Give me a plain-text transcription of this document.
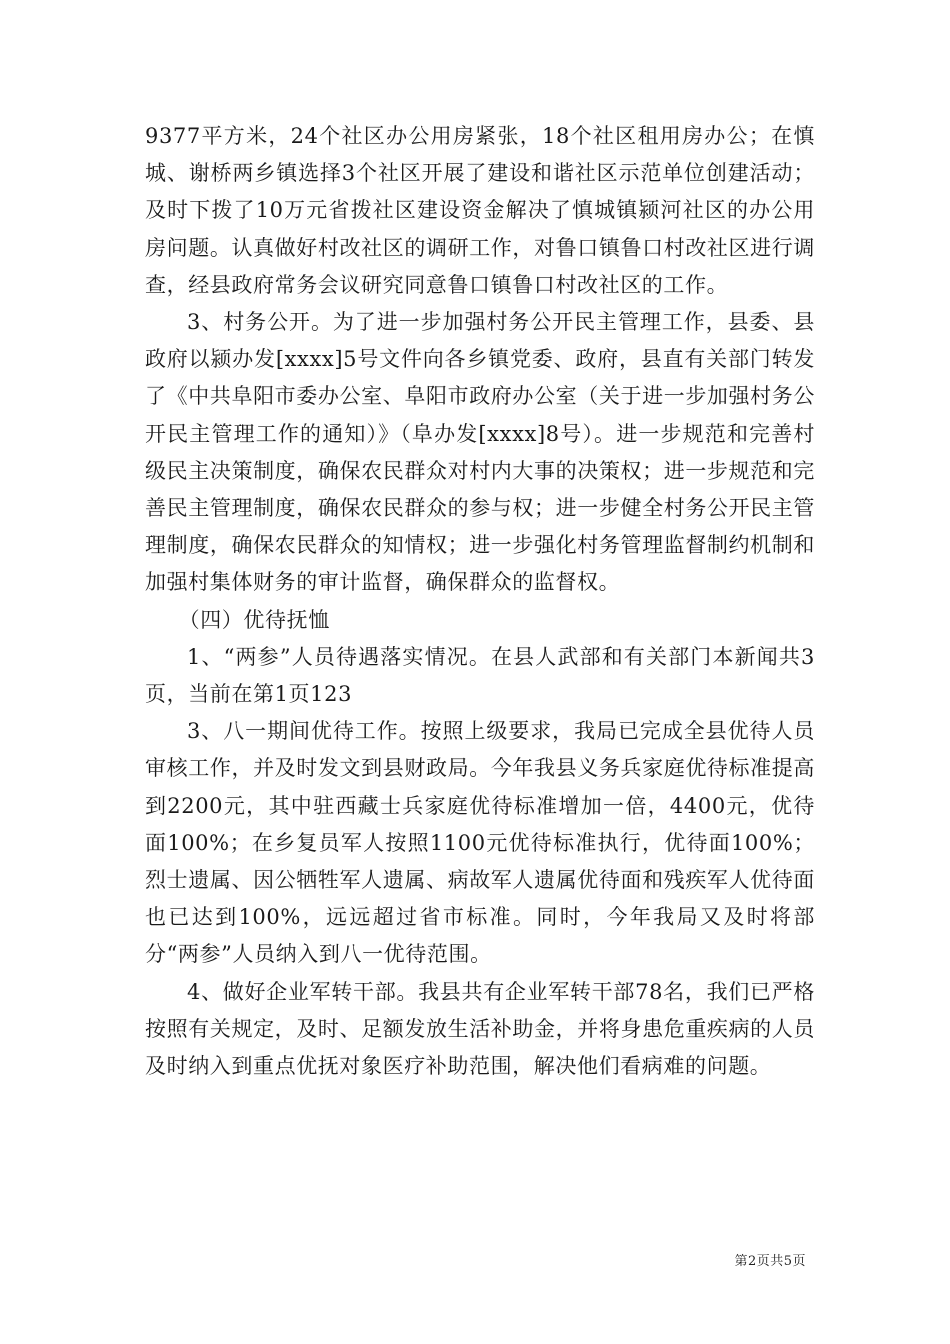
9377平方米，24个社区办公用房紧张，18个社区租用房办公；在慎城、谢桥两乡镇选择3个社区开展了建设和谐社区示范单位创建活动；及时下拨了10万元省拨社区建设资金解决了慎城镇颍河社区的办公用房问题。认真做好村改社区的调研工作，对鲁口镇鲁口村改社区进行调查，经县政府常务会议研究同意鲁口镇鲁口村改社区的工作。

3、村务公开。为了进一步加强村务公开民主管理工作，县委、县政府以颍办发[xxxx]5号文件向各乡镇党委、政府，县直有关部门转发了《中共阜阳市委办公室、阜阳市政府办公室（关于进一步加强村务公开民主管理工作的通知）》（阜办发[xxxx]8号）。进一步规范和完善村级民主决策制度，确保农民群众对村内大事的决策权；进一步规范和完善民主管理制度，确保农民群众的参与权；进一步健全村务公开民主管理制度，确保农民群众的知情权；进一步强化村务管理监督制约机制和加强村集体财务的审计监督，确保群众的监督权。

（四）优待抚恤

1、“两参”人员待遇落实情况。在县人武部和有关部门本新闻共3页，当前在第1页123

3、八一期间优待工作。按照上级要求，我局已完成全县优待人员审核工作，并及时发文到县财政局。今年我县义务兵家庭优待标准提高到2200元，其中驻西藏士兵家庭优待标准增加一倍，4400元，优待面100%；在乡复员军人按照1100元优待标准执行，优待面100%；烈士遗属、因公牺牲军人遗属、病故军人遗属优待面和残疾军人优待面也已达到100%，远远超过省市标准。同时，今年我局又及时将部分“两参”人员纳入到八一优待范围。

4、做好企业军转干部。我县共有企业军转干部78名，我们已严格按照有关规定，及时、足额发放生活补助金，并将身患危重疾病的人员及时纳入到重点优抚对象医疗补助范围，解决他们看病难的问题。

第2页共5页
